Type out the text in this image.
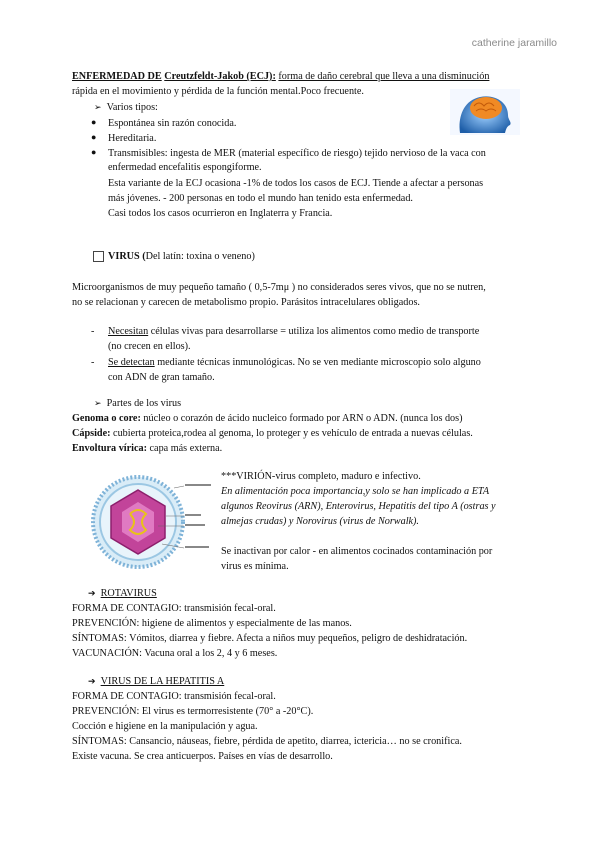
catherine jaramillo
ENFERMEDAD DE Creutzfeldt-Jakob (ECJ): forma de daño cerebral que lleva a una disminución
rápida en el movimiento y pérdida de la función mental.Poco frecuente.
➢ Varios tipos:
● Espontánea sin razón conocida.
● Hereditaria.
● Transmisibles: ingesta de MER (material específico de riesgo) tejido nervioso de la vaca con
enfermedad encefalitis espongiforme.
Esta variante de la ECJ ocasiona -1% de todos los casos de ECJ. Tiende a afectar a personas
más jóvenes. - 200 personas en todo el mundo han tenido esta enfermedad.
Casi todos los casos ocurrieron en Inglaterra y Francia.
VIRUS (Del latín: toxina o veneno)
Microorganismos de muy pequeño tamaño ( 0,5-7mμ ) no considerados seres vivos, que no se nutren,
no se relacionan y carecen de metabolismo propio. Parásitos intracelulares obligados.
- Necesitan células vivas para desarrollarse = utiliza los alimentos como medio de transporte
(no crecen en ellos).
- Se detectan mediante técnicas inmunológicas. No se ven mediante microscopio solo alguno
con ADN de gran tamaño.
➢ Partes de los virus
Genoma o core: núcleo o corazón de ácido nucleico formado por ARN o ADN. (nunca los dos)
Cápside: cubierta proteica,rodea al genoma, lo proteger y es vehículo de entrada a nuevas células.
Envoltura vírica: capa más externa.
***VIRIÓN-virus completo, maduro e infectivo.
En alimentación poca importancia,y solo se han implicado a ETA
algunos Reovirus (ARN), Enterovirus, Hepatitis del tipo A (ostras y
almejas crudas) y Norovirus (virus de Norwalk).
Se inactivan por calor - en alimentos cocinados contaminación por
virus es mínima.
➔ ROTAVIRUS
FORMA DE CONTAGIO: transmisión fecal-oral.
PREVENCIÓN: higiene de alimentos y especialmente de las manos.
SÍNTOMAS: Vómitos, diarrea y fiebre. Afecta a niños muy pequeños, peligro de deshidratación.
VACUNACIÓN: Vacuna oral a los 2, 4 y 6 meses.
➔ VIRUS DE LA HEPATITIS A
FORMA DE CONTAGIO: transmisión fecal-oral.
PREVENCIÓN: El virus es termorresistente (70° a -20°C).
Cocción e higiene en la manipulación y agua.
SÍNTOMAS: Cansancio, náuseas, fiebre, pérdida de apetito, diarrea, ictericia… no se cronifica.
Existe vacuna. Se crea anticuerpos. Países en vías de desarrollo.
